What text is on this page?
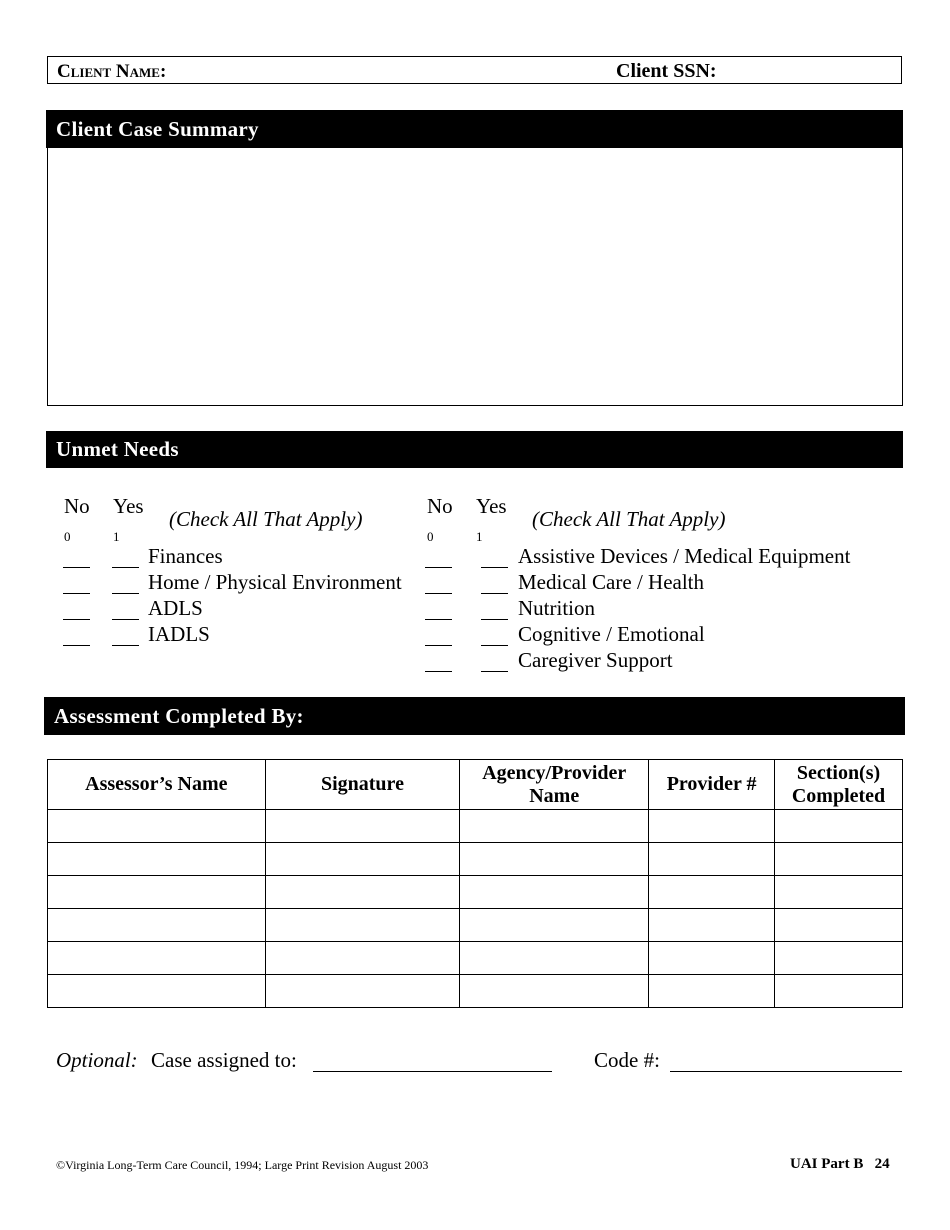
Client Name:	Client SSN:
Client Case Summary
Unmet Needs
No Yes
0	1
(Check All That Apply)
Finances
Home / Physical Environment
ADLS
IADLS
No Yes
0	1
(Check All That Apply)
Assistive Devices / Medical Equipment
Medical Care / Health
Nutrition
Cognitive / Emotional
Caregiver Support
Assessment Completed By:
Assessor’s Name	Signature	Agency/Provider Name	Provider #	Section(s) Completed

Optional: Case assigned to:	Code #:
©Virginia Long-Term Care Council, 1994; Large Print Revision August 2003	UAI Part B   24
